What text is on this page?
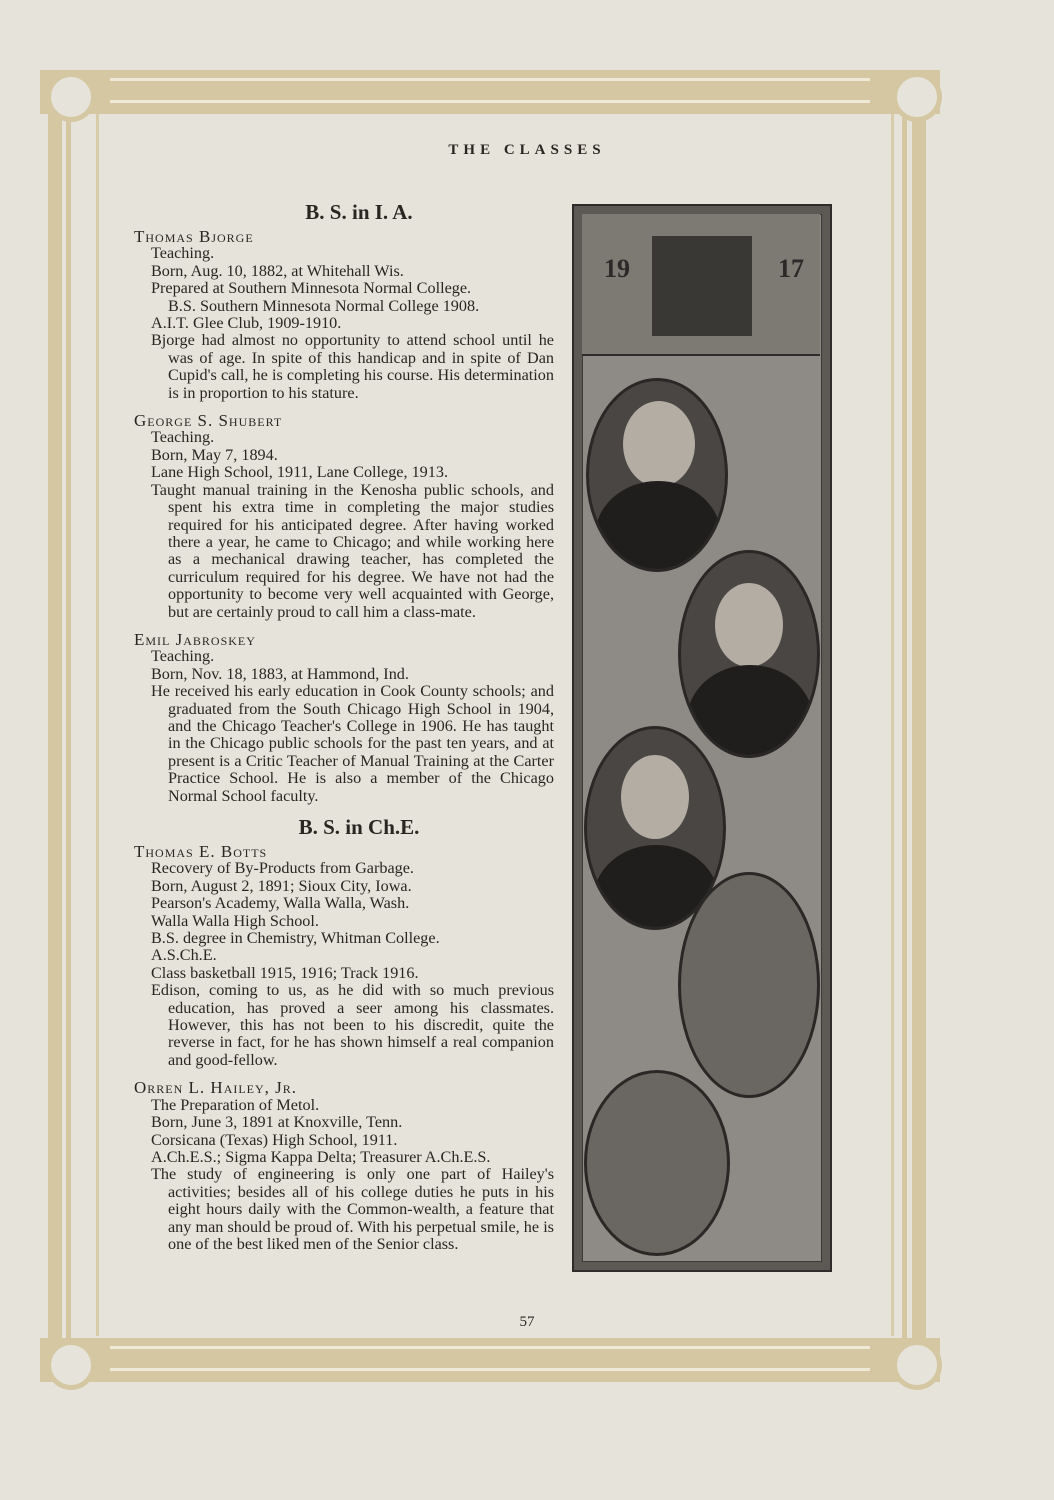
THE CLASSES
B. S. in I. A.
Thomas Bjorge
Teaching.
Born, Aug. 10, 1882, at Whitehall Wis.
Prepared at Southern Minnesota Normal College.
B.S. Southern Minnesota Normal College 1908.
A.I.T. Glee Club, 1909-1910.
Bjorge had almost no opportunity to attend school until he was of age. In spite of this handicap and in spite of Dan Cupid's call, he is completing his course. His determination is in proportion to his stature.
George S. Shubert
Teaching.
Born, May 7, 1894.
Lane High School, 1911, Lane College, 1913.
Taught manual training in the Kenosha public schools, and spent his extra time in completing the major studies required for his anticipated degree. After having worked there a year, he came to Chicago; and while working here as a mechanical drawing teacher, has completed the curriculum required for his degree. We have not had the opportunity to become very well acquainted with George, but are certainly proud to call him a class-mate.
Emil Jabroskey
Teaching.
Born, Nov. 18, 1883, at Hammond, Ind.
He received his early education in Cook County schools; and graduated from the South Chicago High School in 1904, and the Chicago Teacher's College in 1906. He has taught in the Chicago public schools for the past ten years, and at present is a Critic Teacher of Manual Training at the Carter Practice School. He is also a member of the Chicago Normal School faculty.
B. S. in Ch.E.
Thomas E. Botts
Recovery of By-Products from Garbage.
Born, August 2, 1891; Sioux City, Iowa.
Pearson's Academy, Walla Walla, Wash.
Walla Walla High School.
B.S. degree in Chemistry, Whitman College.
A.S.Ch.E.
Class basketball 1915, 1916; Track 1916.
Edison, coming to us, as he did with so much previous education, has proved a seer among his classmates. However, this has not been to his discredit, quite the reverse in fact, for he has shown himself a real companion and good-fellow.
Orren L. Hailey, Jr.
The Preparation of Metol.
Born, June 3, 1891 at Knoxville, Tenn.
Corsicana (Texas) High School, 1911.
A.Ch.E.S.; Sigma Kappa Delta; Treasurer A.Ch.E.S.
The study of engineering is only one part of Hailey's activities; besides all of his college duties he puts in his eight hours daily with the Common-wealth, a feature that any man should be proud of. With his perpetual smile, he is one of the best liked men of the Senior class.
19	17
57
